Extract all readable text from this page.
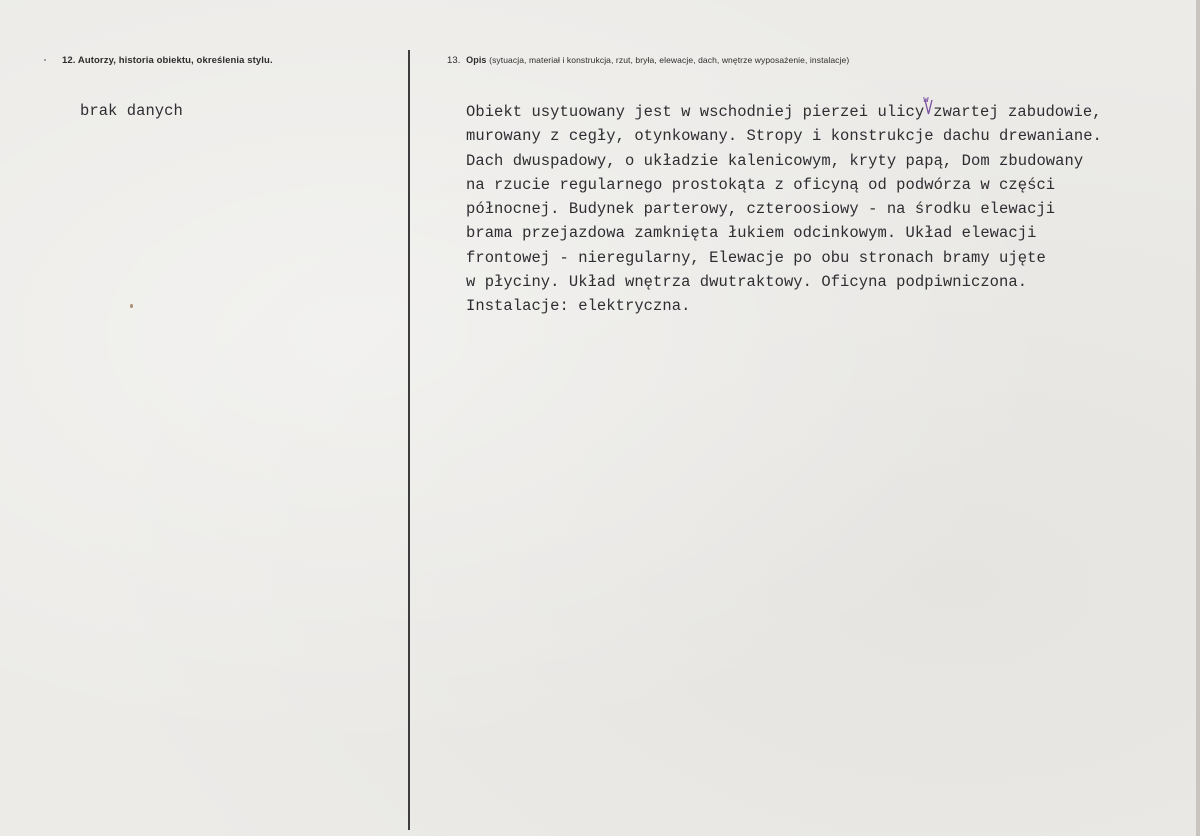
12. Autorzy, historia obiektu, określenia stylu.	13. Opis (sytuacja, materiał i konstrukcja, rzut, bryła, elewacje, dach, wnętrze wyposażenie, instalacje)
brak danych	Obiekt usytuowany jest w wschodniej pierzei ulicy
w
zwartej zabudowie,
murowany z cegły, otynkowany. Stropy i konstrukcje dachu drewaniane.
Dach dwuspadowy, o układzie kalenicowym, kryty papą, Dom zbudowany
na rzucie regularnego prostokąta z oficyną od podwórza w części
północnej. Budynek parterowy, czteroosiowy - na środku elewacji
brama przejazdowa zamknięta łukiem odcinkowym. Układ elewacji
frontowej - nieregularny, Elewacje po obu stronach bramy ujęte
w płyciny. Układ wnętrza dwutraktowy. Oficyna podpiwniczona.
Instalacje: elektryczna.
